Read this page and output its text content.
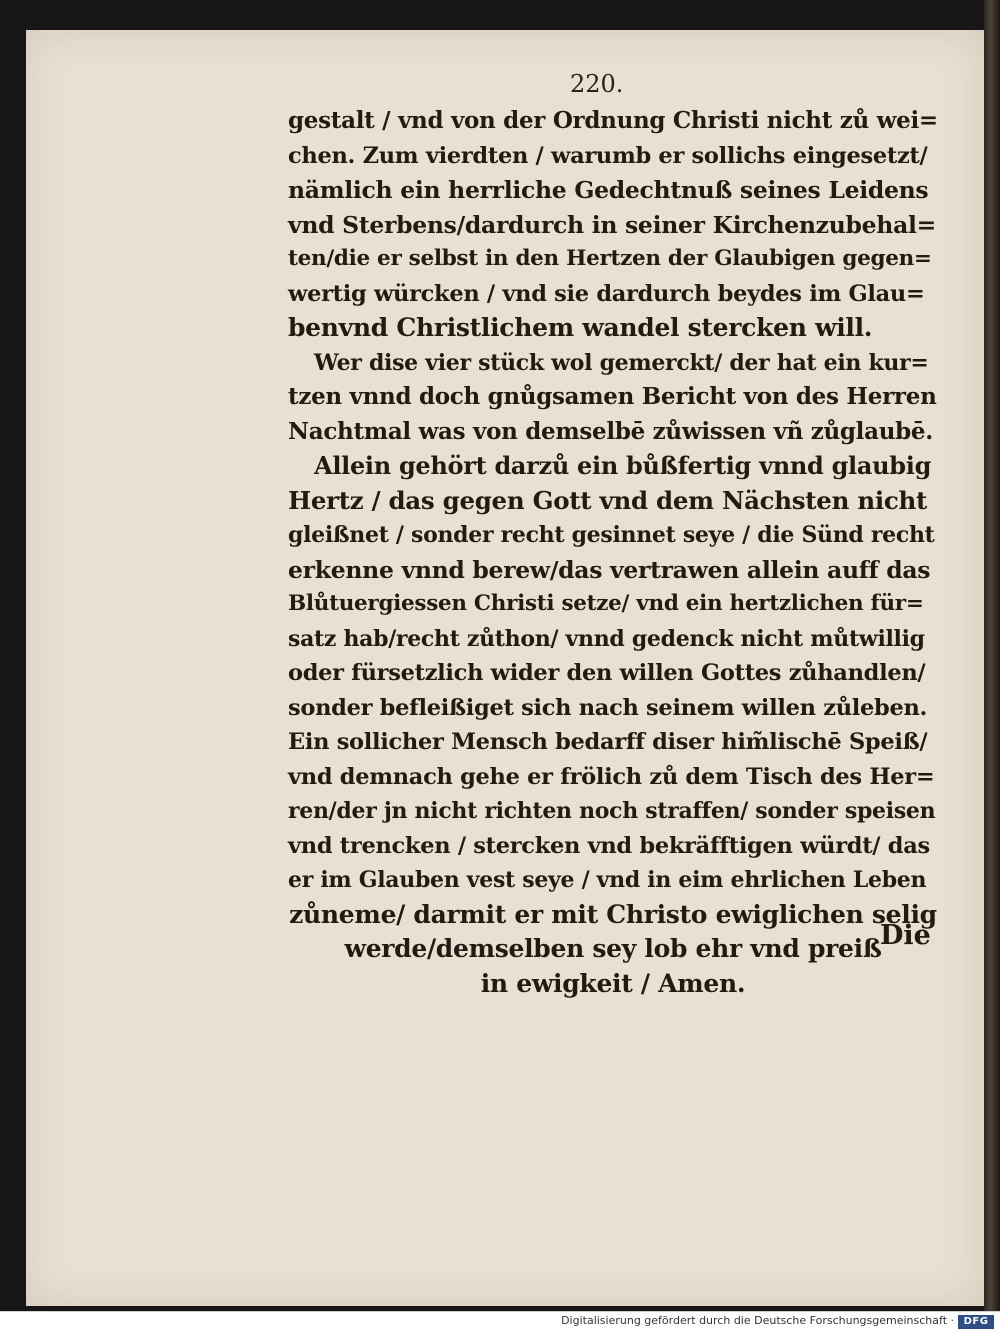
220.
gestalt / vnd von der Ordnung Christi nicht zů wei=
chen. Zum vierdten / warumb er sollichs eingesetzt/
nämlich ein herrliche Gedechtnuß seines Leidens
vnd Sterbens/dardurch in seiner Kirchenzubehal=
ten/die er selbst in den Hertzen der Glaubigen gegen=
wertig würcken / vnd sie dardurch beydes im Glau=
benvnd Christlichem wandel stercken will.
Wer dise vier stück wol gemerckt/ der hat ein kur=
tzen vnnd doch gnůgsamen Bericht von des Herren
Nachtmal was von demselbē zůwissen vñ zůglaubē.
Allein gehört darzů ein bůßfertig vnnd glaubig
Hertz / das gegen Gott vnd dem Nächsten nicht
gleißnet / sonder recht gesinnet seye / die Sünd recht
erkenne vnnd berew/das vertrawen allein auff das
Blůtuergiessen Christi setze/ vnd ein hertzlichen für=
satz hab/recht zůthon/ vnnd gedenck nicht můtwillig
oder fürsetzlich wider den willen Gottes zůhandlen/
sonder befleißiget sich nach seinem willen zůleben.
Ein sollicher Mensch bedarff diser him̃lischē Speiß/
vnd demnach gehe er frölich zů dem Tisch des Her=
ren/der jn nicht richten noch straffen/ sonder speisen
vnd trencken / stercken vnd bekräfftigen würdt/ das
er im Glauben vest seye / vnd in eim ehrlichen Leben
zůneme/ darmit er mit Christo ewiglichen selig
werde/demselben sey lob ehr vnd preiß
in ewigkeit / Amen.
Die
Digitalisierung gefördert durch die Deutsche Forschungsgemeinschaft · DFG
